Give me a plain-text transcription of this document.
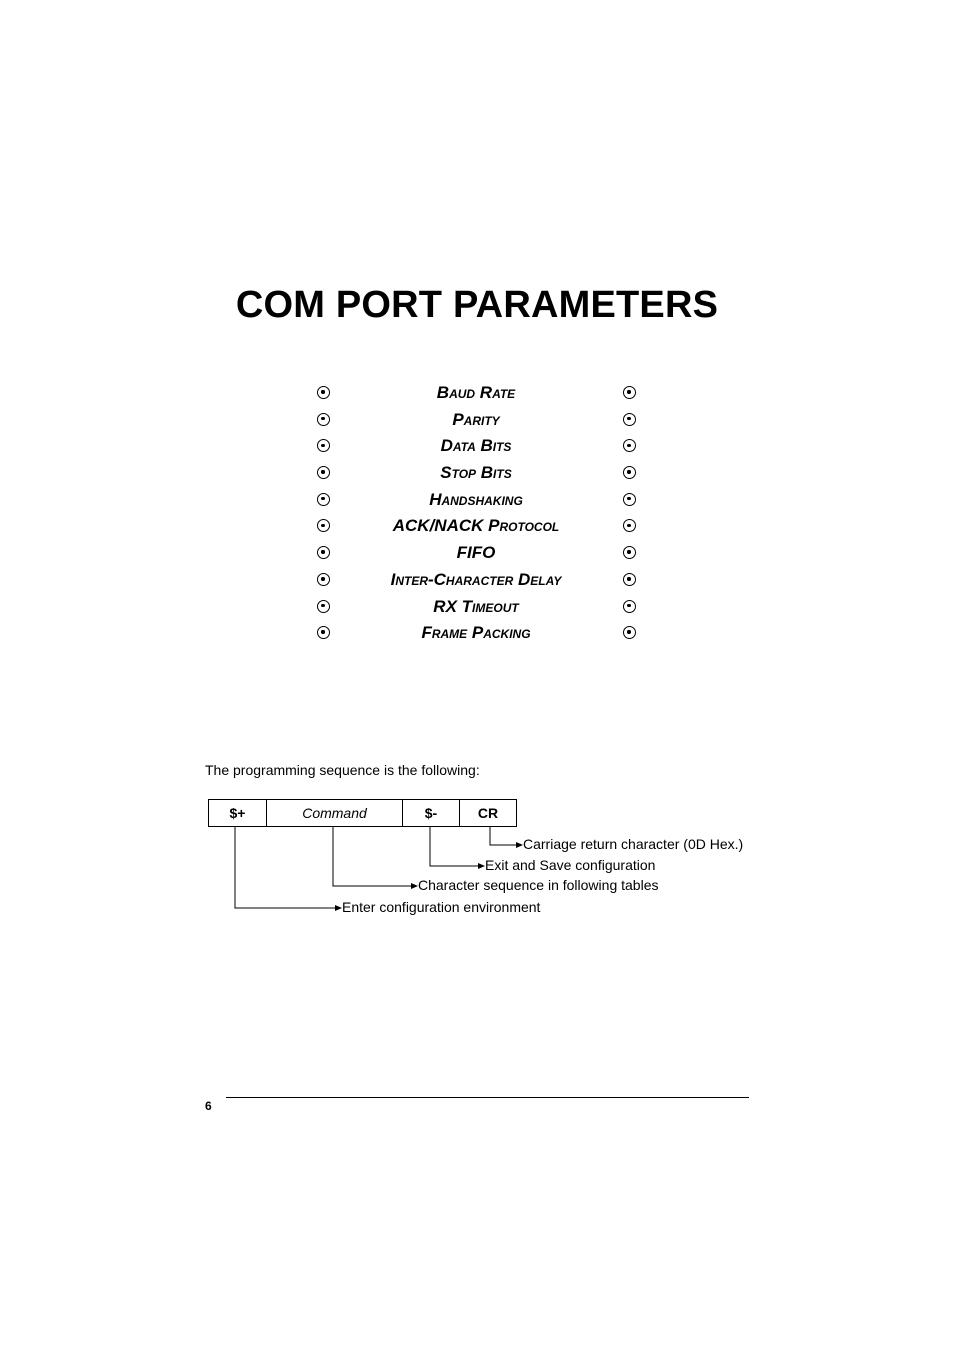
COM PORT PARAMETERS
Baud Rate
Parity
Data Bits
Stop Bits
Handshaking
ACK/NACK Protocol
FIFO
Inter-Character Delay
RX Timeout
Frame Packing
The programming sequence is the following:
$+	Command	$-	CR
Carriage return character (0D Hex.)
Exit and Save configuration
Character sequence in following tables
Enter configuration environment
6
